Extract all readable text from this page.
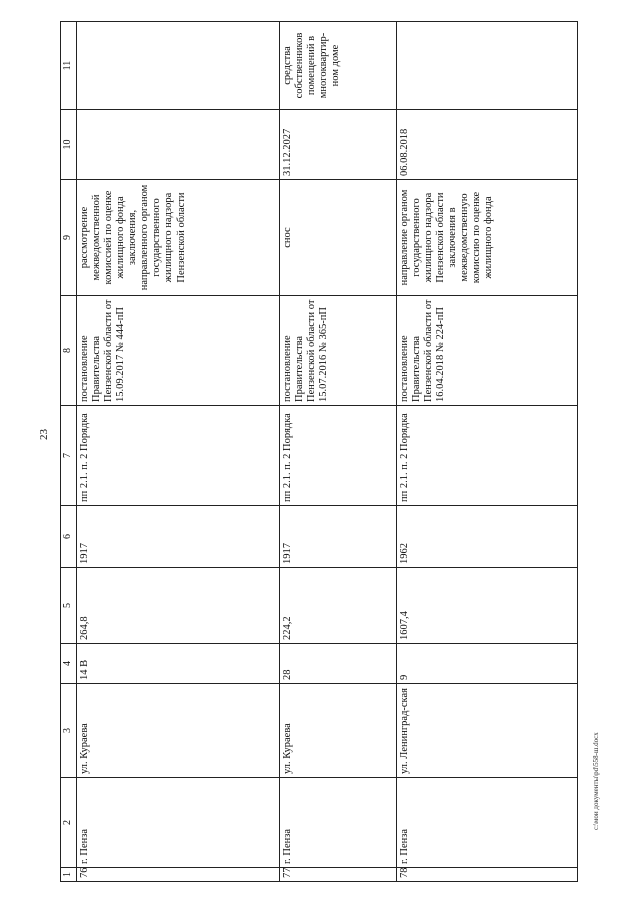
23
1	2	3	4	5	6	7	8	9	10	11
76	г. Пенза	ул. Кураева	14 В	264,8	1917	пп 2.1. п. 2 Порядка	постановление Правительства Пензенской области от 15.09.2017 № 444-пП	рассмотрение межведомственной комиссией по оценке жилищного фонда заключения, направленного органом государственного жилищного надзора Пензенской области		
77	г. Пенза	ул. Кураева	28	224,2	1917	пп 2.1. п. 2 Порядка	постановление Правительства Пензенской области от 15.07.2016 № 365-пП	снос	31.12.2027	средства собственников помещений в многоквартир-ном доме
78	г. Пенза	ул. Ленинград-ская	9	1607,4	1962	пп 2.1. п. 2 Порядка	постановление Правительства Пензенской области от 16.04.2018 № 224-пП	направление органом государственного жилищного надзора Пензенской области заключения в межведомственную комиссию по оценке жилищного фонда	06.08.2018	
c:\мои документы\pd\558-ш.docx
